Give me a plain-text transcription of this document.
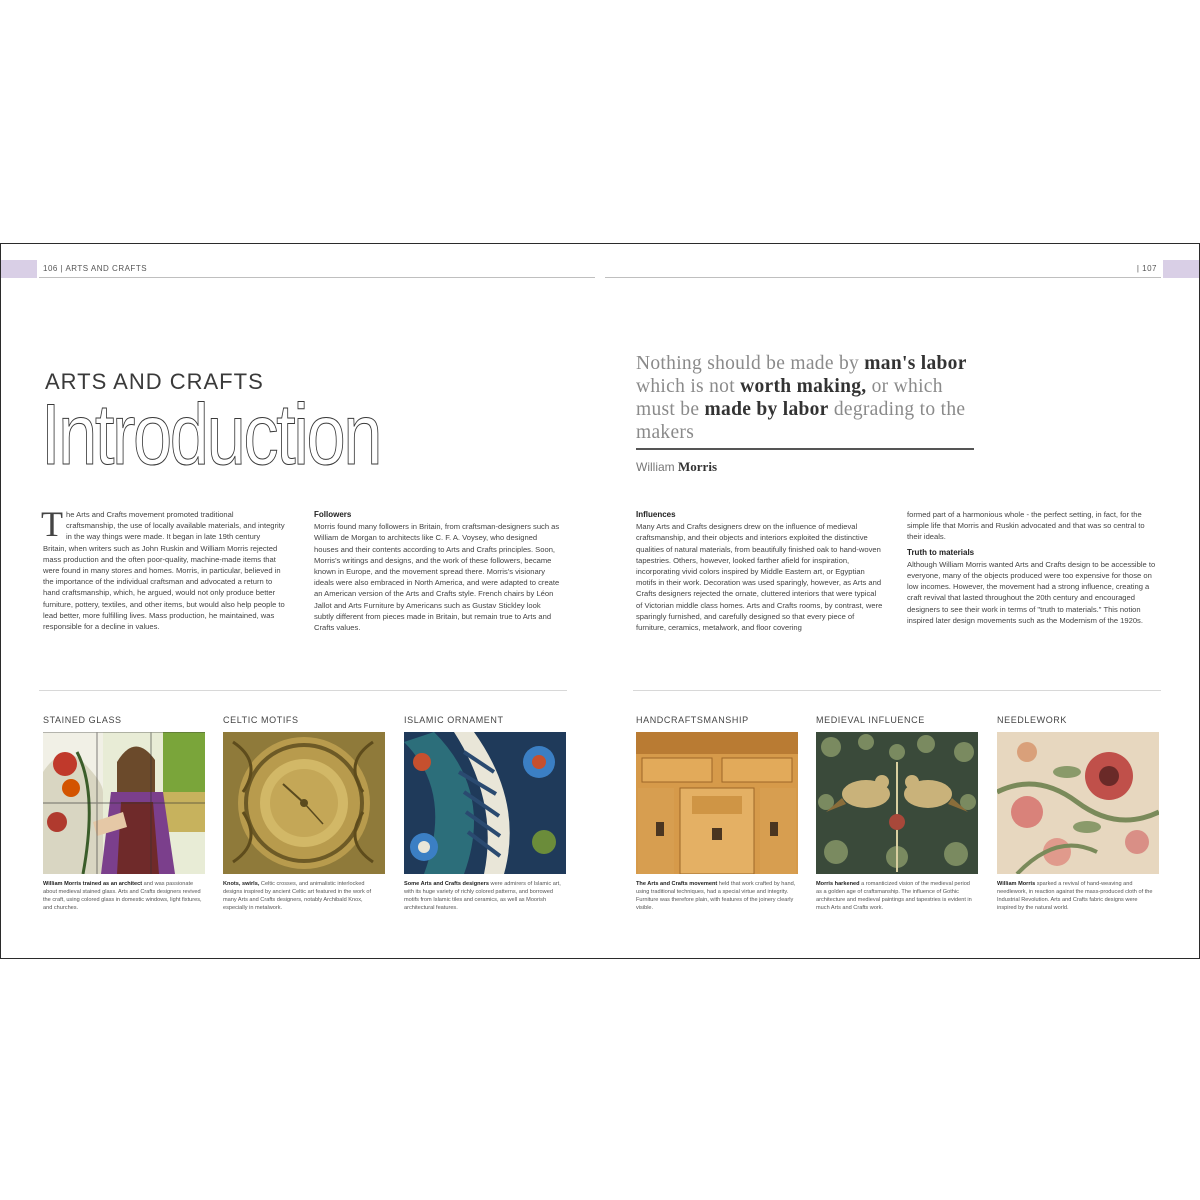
106 | ARTS AND CRAFTS	| 107
ARTS AND CRAFTS
Introduction
The Arts and Crafts movement promoted traditional craftsmanship, the use of locally available materials, and integrity in the way things were made. It began in late 19th century Britain, when writers such as John Ruskin and William Morris rejected mass production and the often poor-quality, machine-made items that were found in many stores and homes. Morris, in particular, believed in the importance of the individual craftsman and advocated a return to hand craftsmanship, which, he argued, would not only produce better furniture, pottery, textiles, and other items, but would also help people to lead better, more fulfilling lives. Mass production, he maintained, was responsible for a decline in values.
Followers
Morris found many followers in Britain, from craftsman-designers such as William de Morgan to architects like C. F. A. Voysey, who designed houses and their contents according to Arts and Crafts principles. Soon, Morris's writings and designs, and the work of these followers, became known in Europe, and the movement spread there. Morris's visionary ideals were also embraced in North America, and were adapted to create an American version of the Arts and Crafts style. French chairs by Léon Jallot and Arts Furniture by Americans such as Gustav Stickley look subtly different from pieces made in Britain, but remain true to Arts and Crafts values.
Nothing should be made by man's labor which is not worth making, or which must be made by labor degrading to the makers
William Morris
Influences
Many Arts and Crafts designers drew on the influence of medieval craftsmanship, and their objects and interiors exploited the distinctive qualities of natural materials, from beautifully finished oak to hand-woven tapestries. Others, however, looked farther afield for inspiration, incorporating vivid colors inspired by Middle Eastern art, or Egyptian motifs in their work. Decoration was used sparingly, however, as Arts and Crafts designers rejected the ornate, cluttered interiors that were typical of Victorian middle class homes. Arts and Crafts rooms, by contrast, were sparingly furnished, and carefully designed so that every piece of furniture, ceramics, metalwork, and floor covering
formed part of a harmonious whole - the perfect setting, in fact, for the simple life that Morris and Ruskin advocated and that was so central to their ideals.
Truth to materials
Although William Morris wanted Arts and Crafts design to be accessible to everyone, many of the objects produced were too expensive for those on low incomes. However, the movement had a strong influence, creating a craft revival that lasted throughout the 20th century and encouraged designers to see their work in terms of "truth to materials." This notion inspired later design movements such as the Modernism of the 1920s.
STAINED GLASS	CELTIC MOTIFS	ISLAMIC ORNAMENT	HANDCRAFTSMANSHIP	MEDIEVAL INFLUENCE	NEEDLEWORK
William Morris trained as an architect and was passionate about medieval stained glass. Arts and Crafts designers revived the craft, using colored glass in domestic windows, light fixtures, and churches.
Knots, swirls, Celtic crosses, and animalistic interlocked designs inspired by ancient Celtic art featured in the work of many Arts and Crafts designers, notably Archibald Knox, especially in metalwork.
Some Arts and Crafts designers were admirers of Islamic art, with its huge variety of richly colored patterns, and borrowed motifs from Islamic tiles and ceramics, as well as Moorish architectural features.
The Arts and Crafts movement held that work crafted by hand, using traditional techniques, had a special virtue and integrity. Furniture was therefore plain, with features of the joinery clearly visible.
Morris harkened a romanticized vision of the medieval period as a golden age of craftsmanship. The influence of Gothic architecture and medieval paintings and tapestries is evident in much Arts and Crafts work.
William Morris sparked a revival of hand-weaving and needlework, in reaction against the mass-produced cloth of the Industrial Revolution. Arts and Crafts fabric designs were inspired by the natural world.
